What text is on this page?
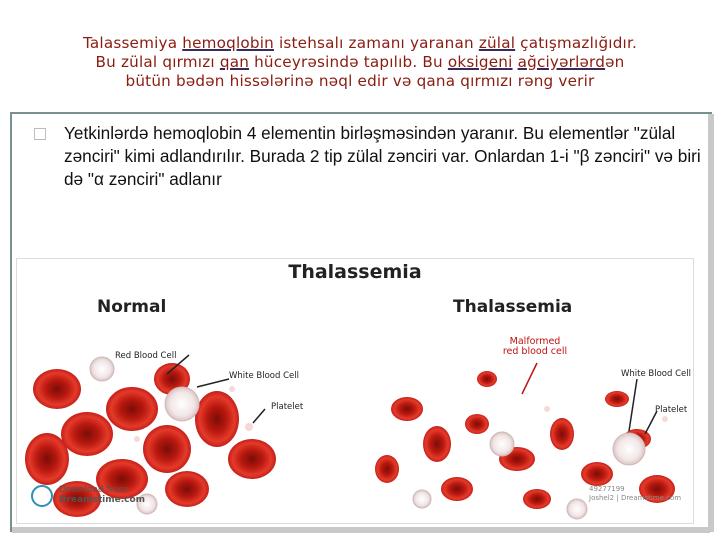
Talassemiya hemoqlobin istehsalı zamanı yaranan zülal çatışmazlığıdır.
Bu zülal qırmızı qan hüceyrəsində tapılıb. Bu oksigeni ağciyərlərdən
bütün bədən hissələrinə nəql edir və qana qırmızı rəng verir
Yetkinlərdə hemoqlobin 4 elementin birləşməsindən yaranır. Bu elementlər "zülal zənciri" kimi adlandırılır. Burada 2 tip zülal zənciri var. Onlardan 1-i "β zənciri" və biri də "α zənciri" adlanır
Thalassemia
Normal	Thalassemia
Red Blood Cell
White Blood Cell
Platelet
Malformed
red blood cell
White Blood Cell
Platelet
Download from
Dreamstime.com
49277199
Joshel2 | Dreamstime.com
